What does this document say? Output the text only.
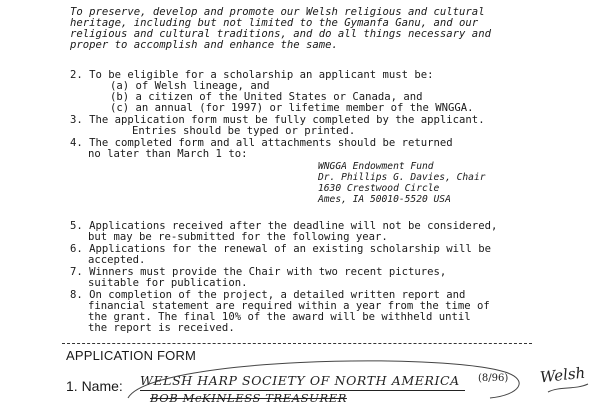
To preserve, develop and promote our Welsh religious and cultural
heritage, including but not limited to the Gymanfa Ganu, and our
religious and cultural traditions, and do all things necessary and
proper to accomplish and enhance the same.
2. To be eligible for a scholarship an applicant must be:
(a) of Welsh lineage, and
(b) a citizen of the United States or Canada, and
(c) an annual (for 1997) or lifetime member of the WNGGA.
3. The application form must be fully completed by the applicant.
Entries should be typed or printed.
4. The completed form and all attachments should be returned
no later than March 1 to:
5. Applications received after the deadline will not be considered,
but may be re-submitted for the following year.
6. Applications for the renewal of an existing scholarship will be
accepted.
7. Winners must provide the Chair with two recent pictures,
suitable for publication.
8. On completion of the project, a detailed written report and
financial statement are required within a year from the time of
the grant. The final 10% of the award will be withheld until
the report is received.
WNGGA Endowment Fund
Dr. Phillips G. Davies, Chair
1630 Crestwood Circle
Ames, IA 50010-5520 USA
APPLICATION FORM
1. Name: WELSH HARP SOCIETY OF NORTH AMERICA (8/96)
BOB McKINLESS TREASURER
Welsh
